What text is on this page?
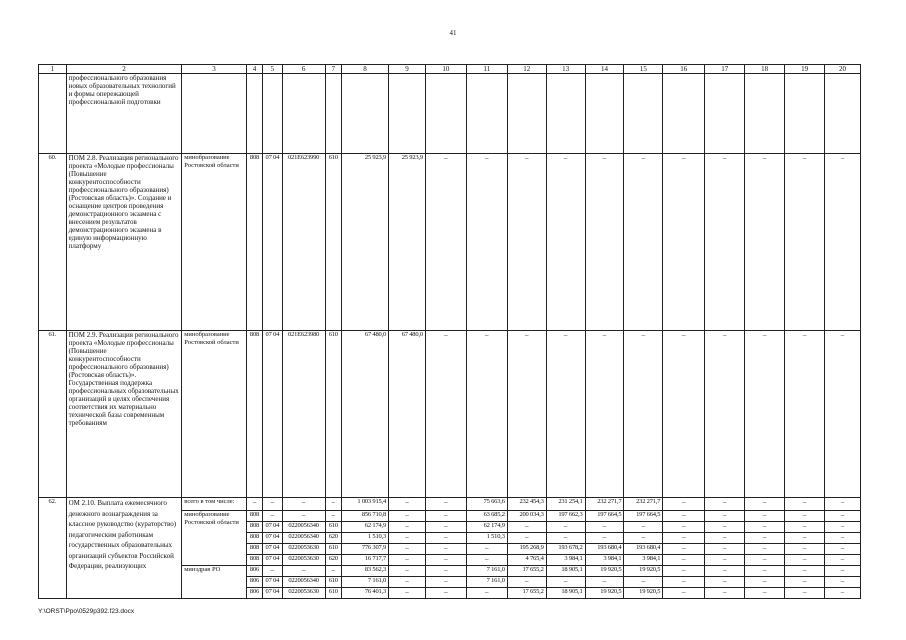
41
1	2	3	4	5	6	7	8	9	10	11	12	13	14	15	16	17	18	19	20
	профессионального образования новых образовательных технологий и формы опережающей профессиональной подготовки																		
60.	ПОМ 2.8. Реализация регионального проекта «Молодые профессионалы (Повышение конкурентоспособности профессионального образования) (Ростовская область)». Создание и оснащение центров проведения демонстрационного экзамена с внесением результатов демонстрационного экзамена в единую информационную платформу	минобразование Ростовской области	808	07 04	021E623990	610	25 923,9	25 923,9	–	–	–	–	–	–	–	–	–	–	–
61.	ПОМ 2.9. Реализация регионального проекта «Молодые профессионалы (Повышение конкурентоспособности профессионального образования) (Ростовская область)». Государственная поддержка профессиональных образовательных организаций в целях обеспечения соответствия их материально технической базы современным требованиям	минобразование Ростовской области	808	07 04	021E623980	610	67 480,0	67 480,0	–	–	–	–	–	–	–	–	–	–	–
62.	ОМ 2.10. Выплата ежемесячного денежного вознаграждения за классное руководство (кураторство) педагогическим работникам государственных образовательных организаций субъектов Российской Федерации, реализующих	всего в том числе:	–	–	–	–	1 003 915,4	–	–	75 663,6	232 454,3	231 254,1	232 271,7	232 271,7	–	–	–	–	–
		минобразование Ростовской области	808	–	–	–	856 710,8	–	–	63 685,2	200 034,3	197 662,3	197 664,5	197 664,5	–	–	–	–	–
			808	07 04	0220056340	610	62 174,9	–	–	62 174,9	–	–	–	–	–	–	–	–	–
			808	07 04	0220056340	620	1 510,3	–	–	1 510,3	–	–	–	–	–	–	–	–	–
			808	07 04	0220053630	610	776 307,9	–	–	–	195 268,9	193 678,2	193 680,4	193 680,4	–	–	–	–	–
			808	07 04	0220053630	620	16 717,7	–	–	–	4 765,4	3 984,1	3 984,1	3 984,1	–	–	–	–	–
		минздрав РО	806	–	–	–	83 562,3	–	–	7 161,0	17 655,2	18 905,1	19 920,5	19 920,5	–	–	–	–	–
			806	07 04	0220056340	610	7 161,0	–	–	7 161,0	–	–	–	–	–	–	–	–	–
			806	07 04	0220053630	610	76 401,3	–	–	–	17 655,2	18 905,1	19 920,5	19 920,5	–	–	–	–	–
Y:\ORST\Ppo\0529p392.f23.docx
